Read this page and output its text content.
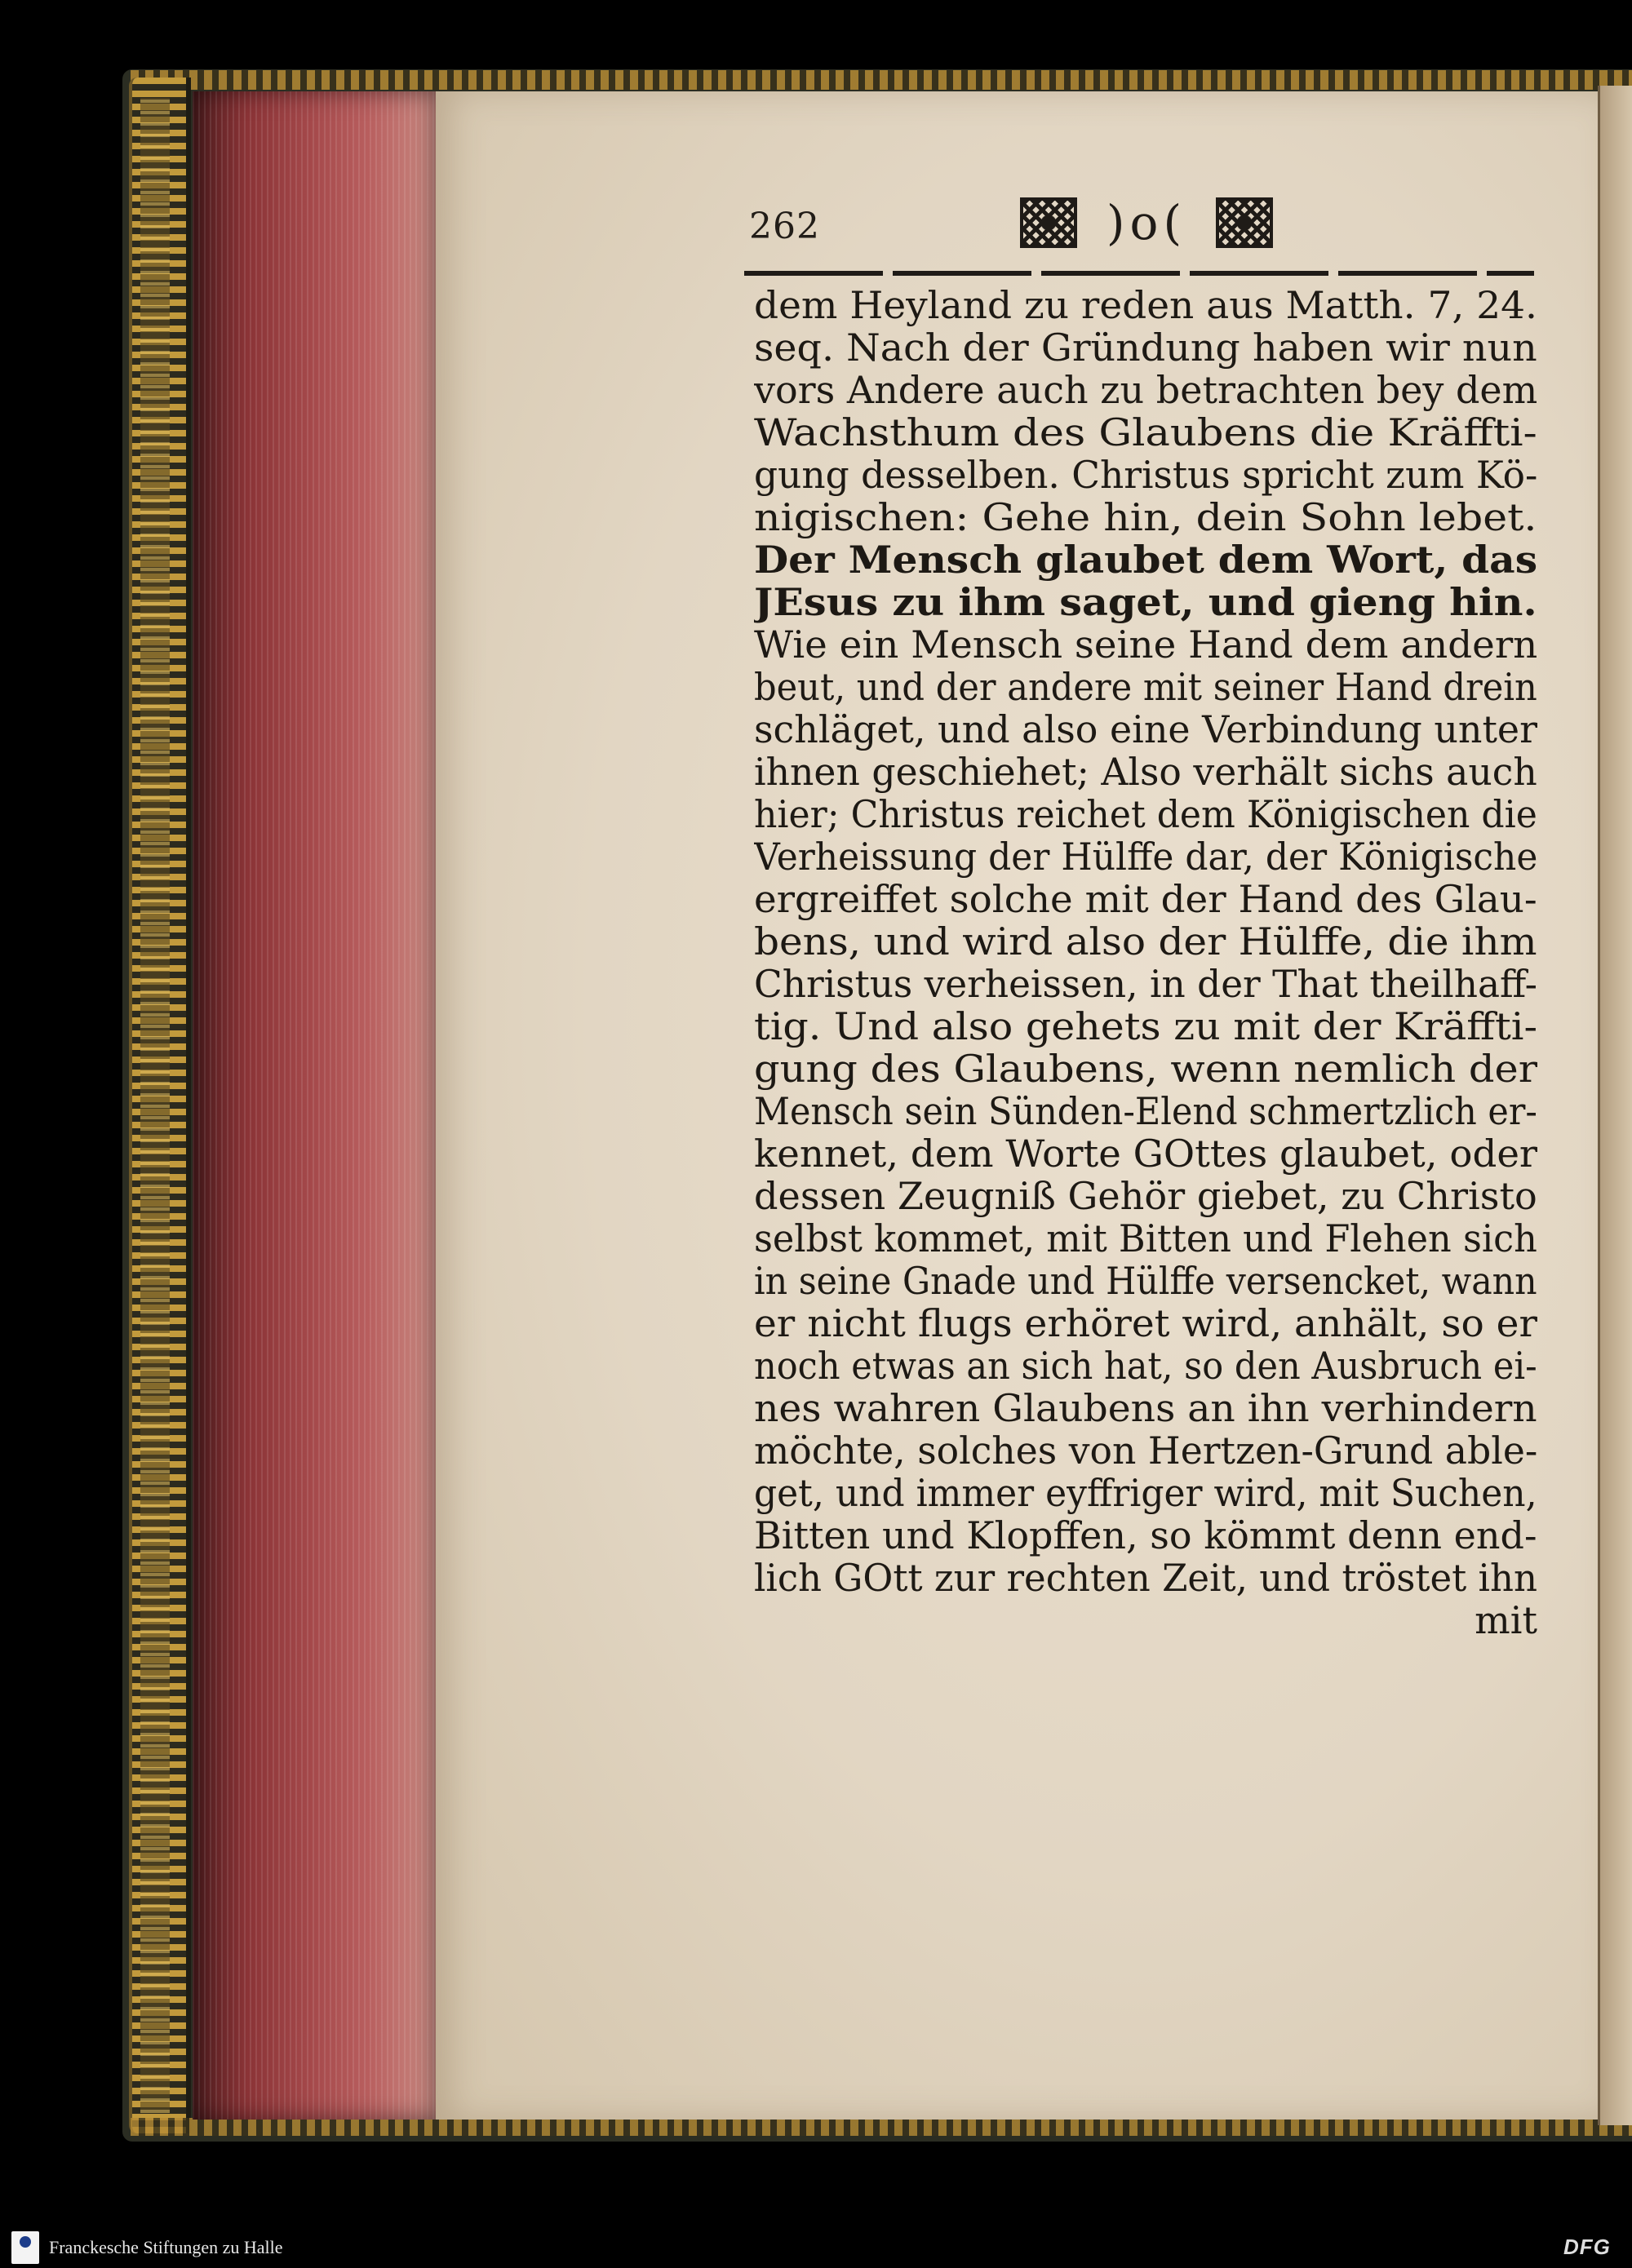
262	)o(
dem Heyland zu reden aus Matth. 7, 24.
seq. Nach der Gründung haben wir nun
vors Andere auch zu betrachten bey dem
Wachsthum des Glaubens die Kräffti-
gung desselben. Christus spricht zum Kö-
nigischen: Gehe hin, dein Sohn lebet.
Der Mensch glaubet dem Wort, das
JEsus zu ihm saget, und gieng hin.
Wie ein Mensch seine Hand dem andern
beut, und der andere mit seiner Hand drein
schläget, und also eine Verbindung unter
ihnen geschiehet; Also verhält sichs auch
hier; Christus reichet dem Königischen die
Verheissung der Hülffe dar, der Königische
ergreiffet solche mit der Hand des Glau-
bens, und wird also der Hülffe, die ihm
Christus verheissen, in der That theilhaff-
tig. Und also gehets zu mit der Kräffti-
gung des Glaubens, wenn nemlich der
Mensch sein Sünden-Elend schmertzlich er-
kennet, dem Worte GOttes glaubet, oder
dessen Zeugniß Gehör giebet, zu Christo
selbst kommet, mit Bitten und Flehen sich
in seine Gnade und Hülffe versencket, wann
er nicht flugs erhöret wird, anhält, so er
noch etwas an sich hat, so den Ausbruch ei-
nes wahren Glaubens an ihn verhindern
möchte, solches von Hertzen-Grund able-
get, und immer eyffriger wird, mit Suchen,
Bitten und Klopffen, so kömmt denn end-
lich GOtt zur rechten Zeit, und tröstet ihn
mit
Franckesche Stiftungen zu Halle	DFG
